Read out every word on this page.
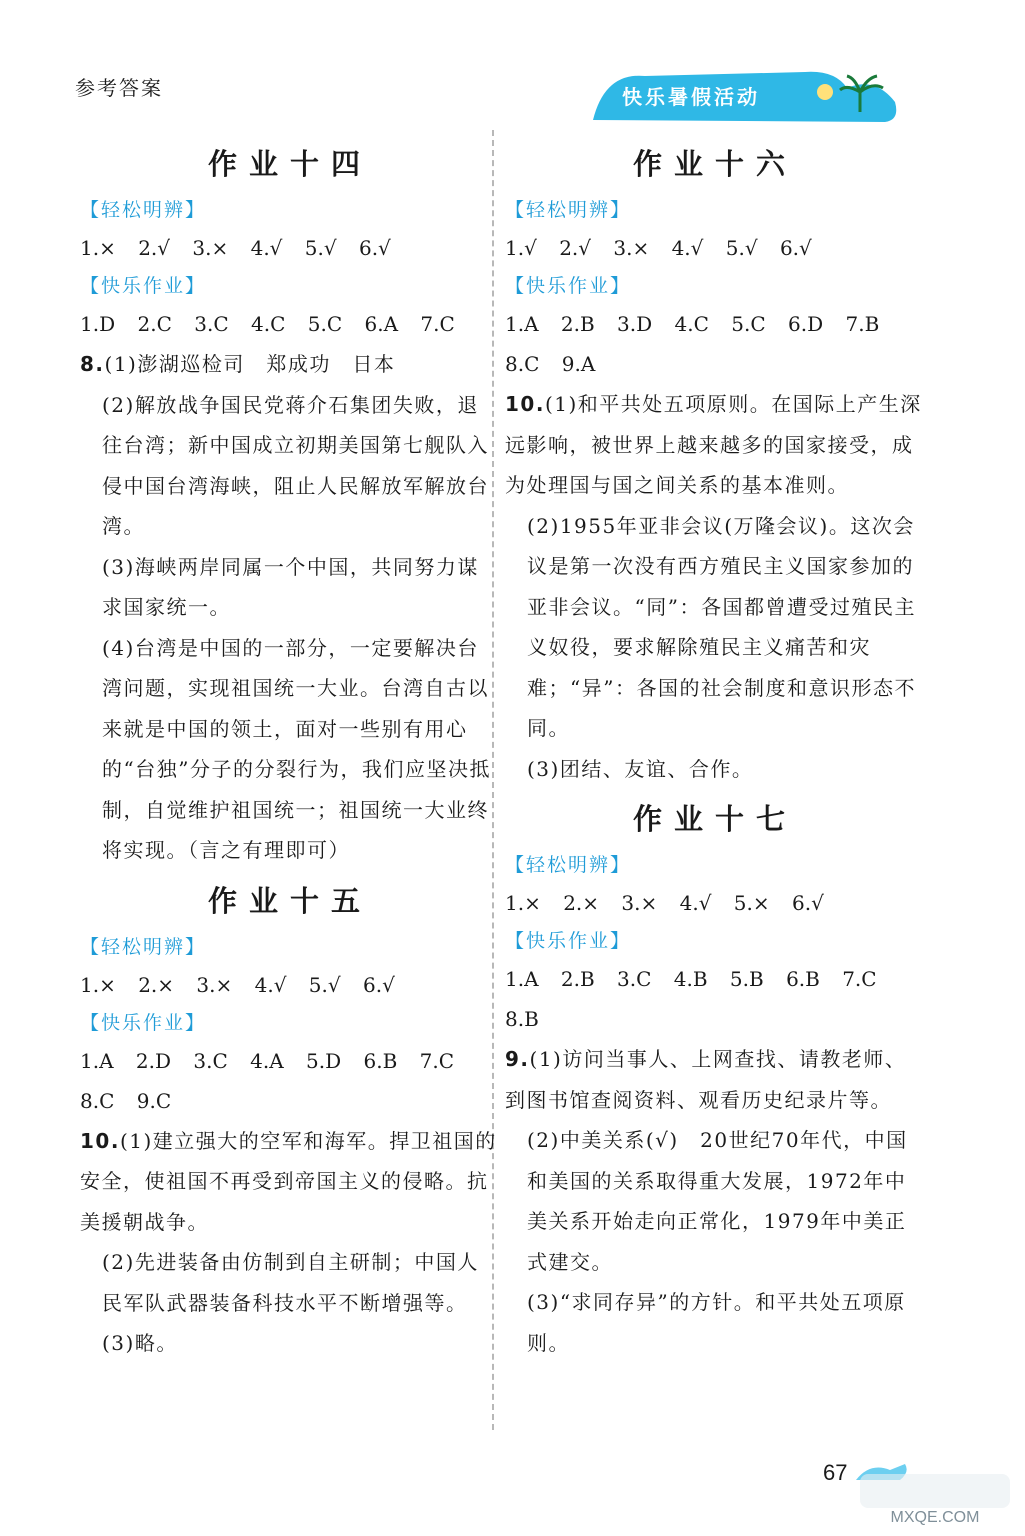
参考答案	快乐暑假活动
作业十四
【轻松明辨】
1.× 2.√ 3.× 4.√ 5.√ 6.√
【快乐作业】
1.D 2.C 3.C 4.C 5.C 6.A 7.C
8.(1)澎湖巡检司　郑成功　日本
(2)解放战争国民党蒋介石集团失败，退往台湾；新中国成立初期美国第七舰队入侵中国台湾海峡，阻止人民解放军解放台湾。
(3)海峡两岸同属一个中国，共同努力谋求国家统一。
(4)台湾是中国的一部分，一定要解决台湾问题，实现祖国统一大业。台湾自古以来就是中国的领土，面对一些别有用心的“台独”分子的分裂行为，我们应坚决抵制，自觉维护祖国统一；祖国统一大业终将实现。（言之有理即可）
作业十五
【轻松明辨】
1.× 2.× 3.× 4.√ 5.√ 6.√
【快乐作业】
1.A 2.D 3.C 4.A 5.D 6.B 7.C
8.C 9.C
10.(1)建立强大的空军和海军。捍卫祖国的安全，使祖国不再受到帝国主义的侵略。抗美援朝战争。
(2)先进装备由仿制到自主研制；中国人民军队武器装备科技水平不断增强等。
(3)略。
作业十六
【轻松明辨】
1.√ 2.√ 3.× 4.√ 5.√ 6.√
【快乐作业】
1.A 2.B 3.D 4.C 5.C 6.D 7.B
8.C 9.A
10.(1)和平共处五项原则。在国际上产生深远影响，被世界上越来越多的国家接受，成为处理国与国之间关系的基本准则。
(2)1955年亚非会议(万隆会议)。这次会议是第一次没有西方殖民主义国家参加的亚非会议。“同”：各国都曾遭受过殖民主义奴役，要求解除殖民主义痛苦和灾难；“异”：各国的社会制度和意识形态不同。
(3)团结、友谊、合作。
作业十七
【轻松明辨】
1.× 2.× 3.× 4.√ 5.× 6.√
【快乐作业】
1.A 2.B 3.C 4.B 5.B 6.B 7.C
8.B
9.(1)访问当事人、上网查找、请教老师、到图书馆查阅资料、观看历史纪录片等。
(2)中美关系(√)　20世纪70年代，中国和美国的关系取得重大发展，1972年中美关系开始走向正常化，1979年中美正式建交。
(3)“求同存异”的方针。和平共处五项原则。
67
MXQE.COM
